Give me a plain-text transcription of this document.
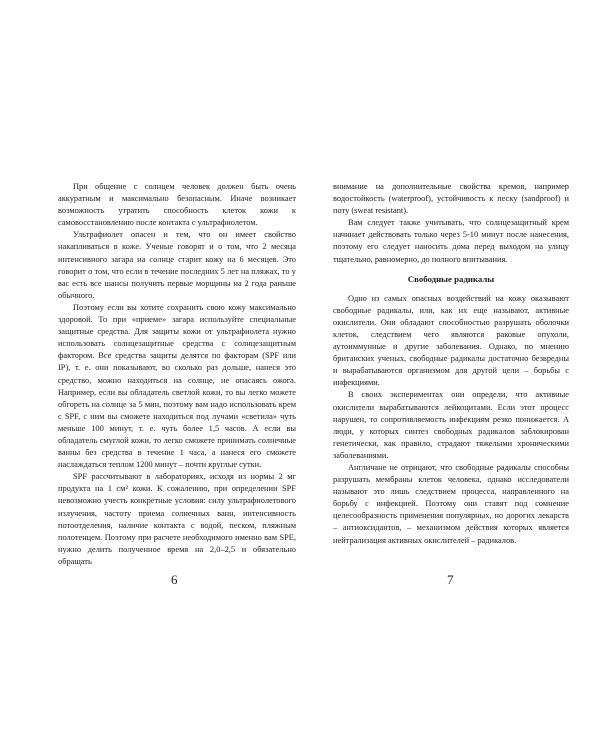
При общение с солнцем человек должен быть очень аккуратным и максимально безопасным. Иначе возникает возможность утратить способность клеток кожи к самовосстановлению после контакта с ультрафиолетом.

Ультрафиолет опасен и тем, что он имеет свойство накапливаться в коже. Ученые говорят и о том, что 2 месяца интенсивного загара на солнце старит кожу на 6 месяцев. Это говорит о том, что если в течение последних 5 лет на пляжах, то у вас есть все шансы получить первые морщины на 2 года раньше обычного.

Поэтому если вы хотите сохранить свою кожу максимально здоровой. То при «приеме» загара используйте специальные защитные средства. Для защиты кожи от ультрафиолета нужно использовать солнцезащитные средства с солнцезащитным фактором. Все средства защиты делятся по факторам (SPF или IP), т. е. они показывают, во сколько раз дольше, нанеся это средство, можно находиться на солнце, не опасаясь ожога. Например, если вы обладатель светлой кожи, то вы легко можете обгореть на солнце за 5 мин, поэтому вам надо использовать крем с SPF, с ним вы сможете находиться под лучами «светила» чуть меньше 100 минут, т. е. чуть более 1,5 часов. А если вы обладатель смуглой кожи, то легко сможете принимать солнечные ванны без средства в течение 1 часа, а нанеся его сможете наслаждаться теплом 1200 минут – почти круглые сутки.

SPF рассчитывают в лабораториях, исходя из нормы 2 мг продукта на 1 см² кожи. К сожалению, при определении SPF невозможно учесть конкретные условия: силу ультрафиолетового излучения, частоту приема солнечных ванн, интенсивность потоотделения, наличие контакта с водой, песком, пляжным полотенцем. Поэтому при расчете необходимого именно вам SPE, нужно делить полученное время на 2,0–2,5 и обязательно обращать

6

внимание на дополнительные свойства кремов, например водостойкость (waterproof), устойчивость к песку (sandproof) и поту (sweat resistant).

Вам следует также учитывать, что солнцезащитный крем начинает действовать только через 5-10 минут после нанесения, поэтому его следует наносить дома перед выходом на улицу тщательно, равномерно, до полного впитывания.

Свободные радикалы

Одно из самых опасных воздействий на кожу оказывают свободные радикалы, или, как их еще называют, активные окислители. Они обладают способностью разрушать оболочки клеток, следствием чего являются раковые опухоли, аутоиммунные и другие заболевания. Однако, по мнению британских ученых, свободные радикалы достаточно безвредны и вырабатываются организмом для другой цели – борьбы с инфекциями.

В своих экспериментах они определи, что активные окислители вырабатываются лейкоцитами. Если этот процесс нарушен, то сопротивляемость инфекциям резко понижается. А люди, у которых синтез свободных радикалов заблокирован генетически, как правило, страдают тяжелыми хроническими заболеваниями.

Англичане не отрицают, что свободные радикалы способны разрушать мембраны клеток человека, однако исследователи называют это лишь следствием процесса, направленного на борьбу с инфекцией. Поэтому они ставят под сомнение целесообразность применения популярных, но дорогих лекарств – антиоксидантов, – механизмом действия которых является нейтрализация активных окислителей – радикалов.

7
